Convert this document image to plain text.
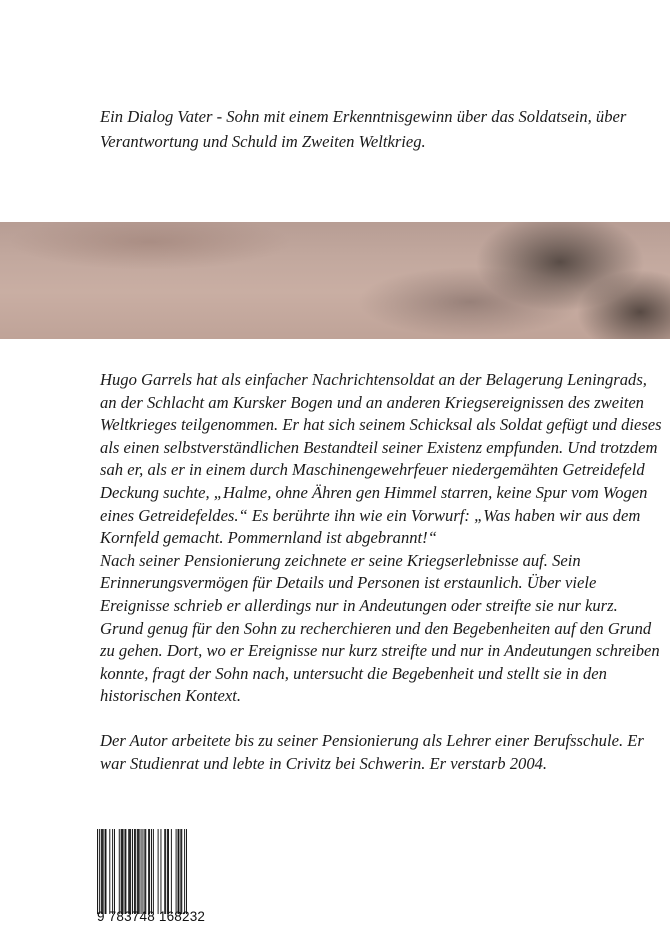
Ein Dialog Vater - Sohn mit einem Erkenntnisgewinn über das Soldatsein, über Verantwortung und Schuld im Zweiten Weltkrieg.

Hugo Garrels hat als einfacher Nachrichtensoldat an der Belagerung Leningrads, an der Schlacht am Kursker Bogen und an anderen Kriegsereignissen des zweiten Weltkrieges teilgenommen. Er hat sich seinem Schicksal als Soldat gefügt und dieses als einen selbstverständlichen Bestandteil seiner Existenz empfunden. Und trotzdem sah er, als er in einem durch Maschinengewehrfeuer niedergemähten Getreidefeld Deckung suchte, „Halme, ohne Ähren gen Himmel starren, keine Spur vom Wogen eines Getreidefeldes.“ Es berührte ihn wie ein Vorwurf: „Was haben wir aus dem Kornfeld gemacht. Pommernland ist abgebrannt!“

Nach seiner Pensionierung zeichnete er seine Kriegserlebnisse auf. Sein Erinnerungsvermögen für Details und Personen ist erstaunlich. Über viele Ereignisse schrieb er allerdings nur in Andeutungen oder streifte sie nur kurz. Grund genug für den Sohn zu recherchieren und den Begebenheiten auf den Grund zu gehen. Dort, wo er Ereignisse nur kurz streifte und nur in Andeutungen schreiben konnte, fragt der Sohn nach, untersucht die Begebenheit und stellt sie in den historischen Kontext.

Der Autor arbeitete bis zu seiner Pensionierung als Lehrer einer Berufsschule. Er war Studienrat und lebte in Crivitz bei Schwerin. Er verstarb 2004.

9 783748 168232
